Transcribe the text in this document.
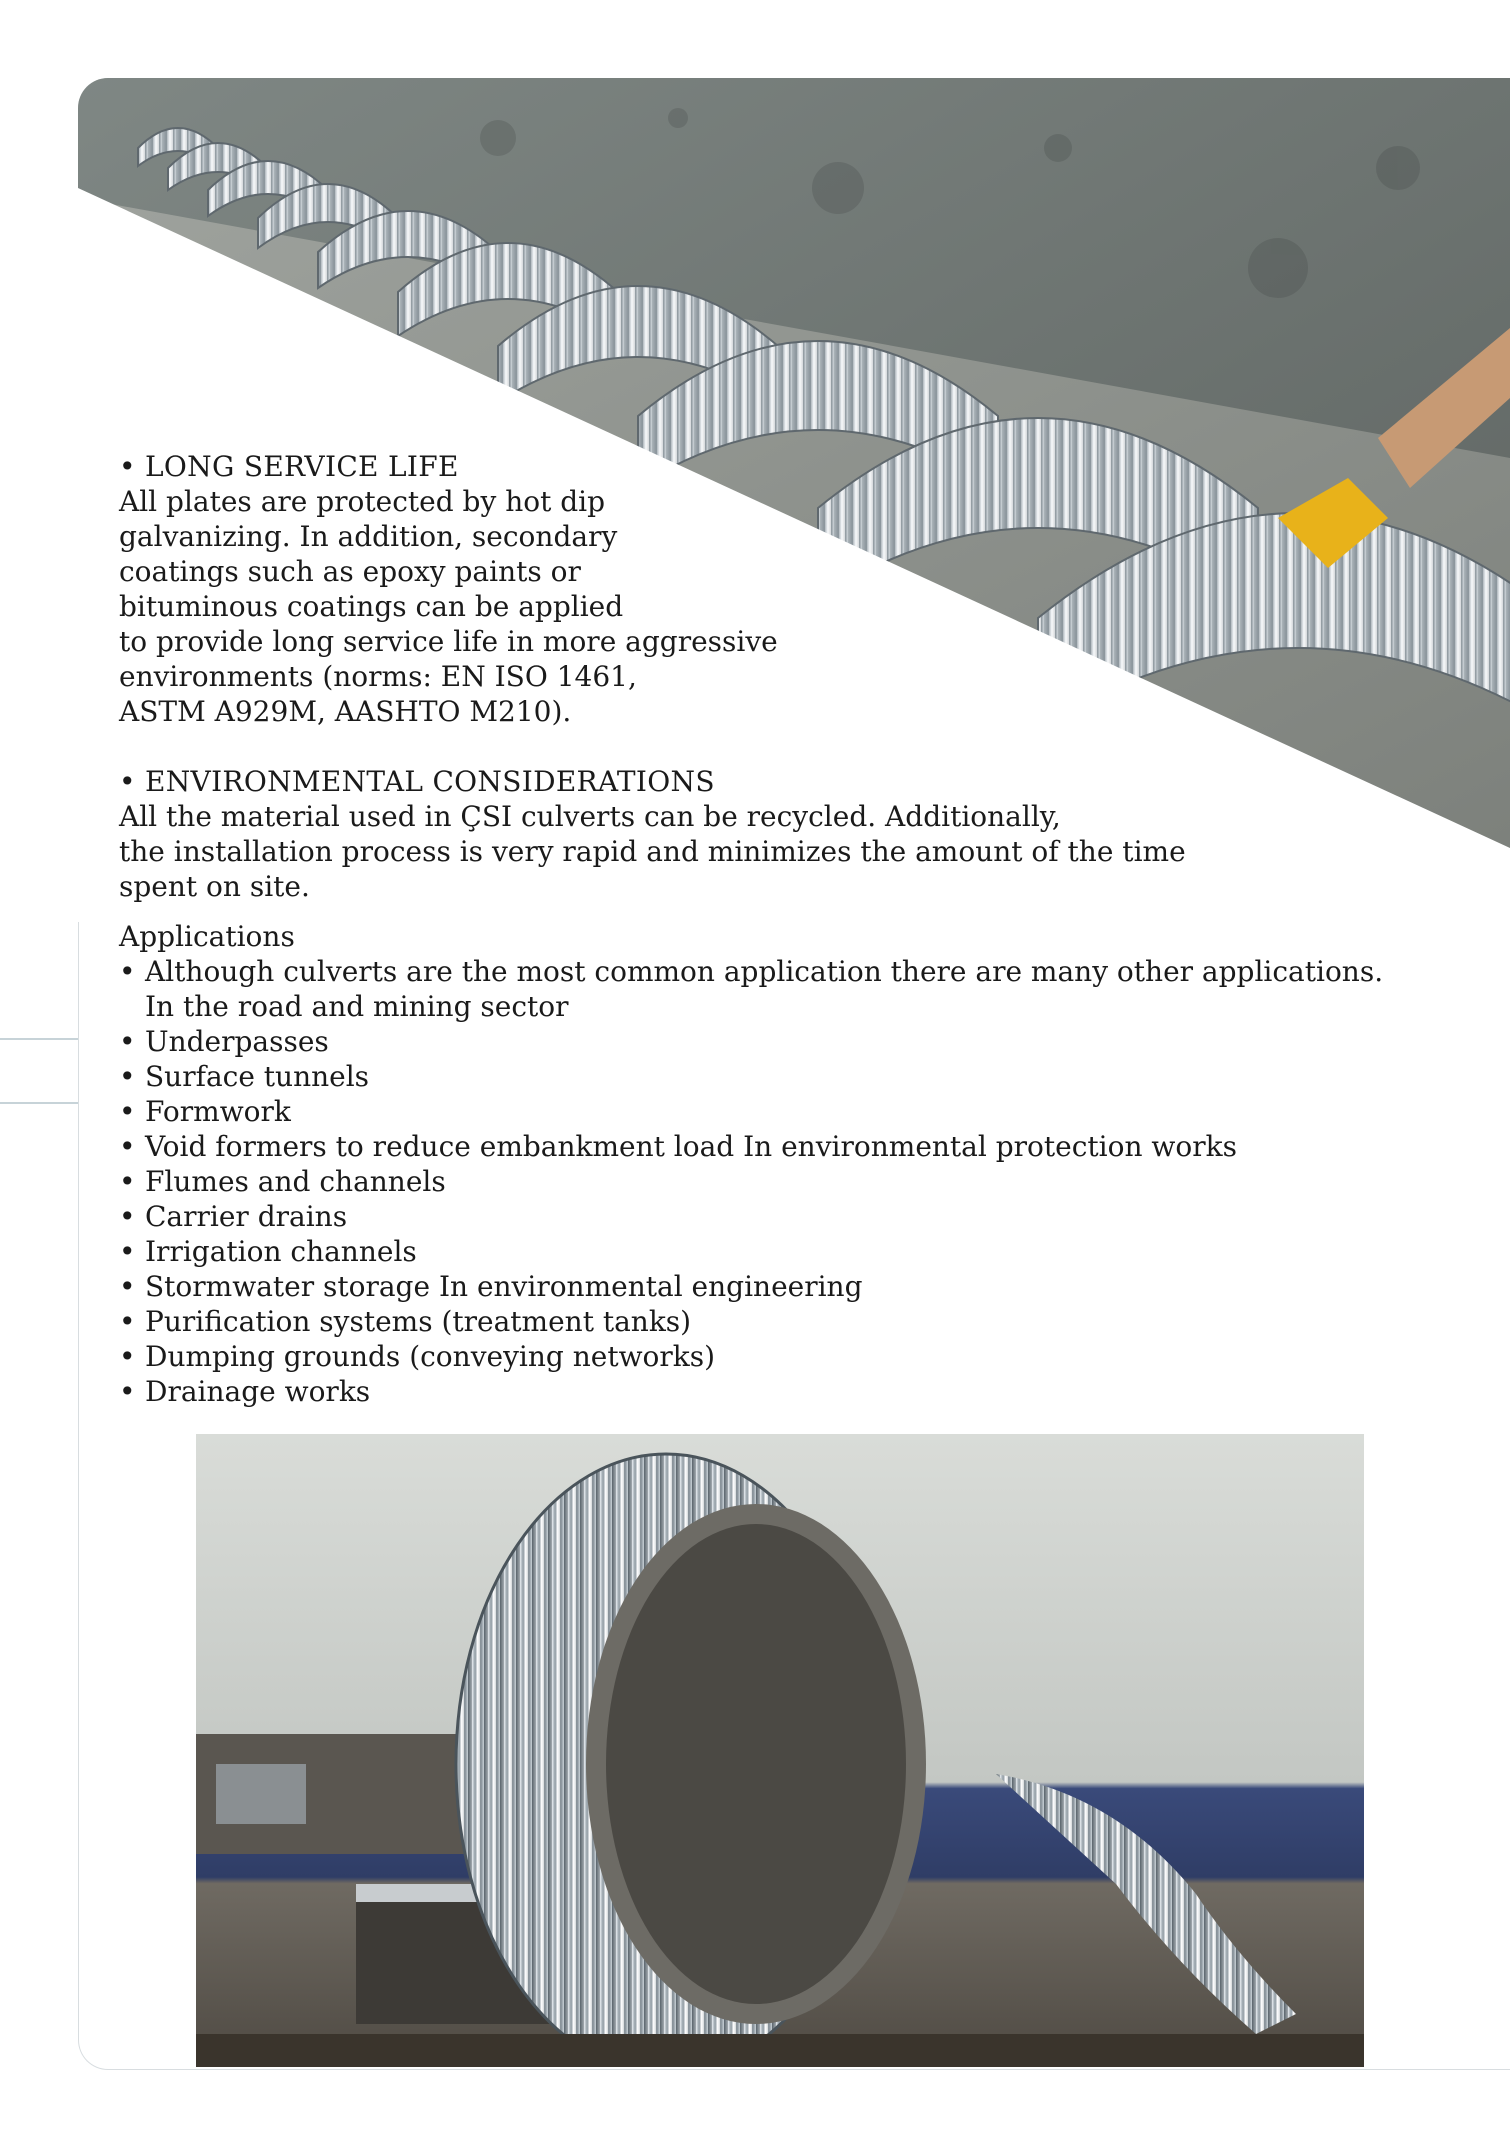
• LONG SERVICE LIFE

All plates are protected by hot dip
galvanizing. In addition, secondary
coatings such as epoxy paints or
bituminous coatings can be applied
to provide long service life in more aggressive
environments (norms: EN ISO 1461,
ASTM A929M, AASHTO M210).

• ENVIRONMENTAL CONSIDERATIONS

All the material used in ÇSI culverts can be recycled. Additionally,
the installation process is very rapid and minimizes the amount of the time
spent on site.

Applications
• Although culverts are the most common application there are many other applications.
In the road and mining sector
• Underpasses
• Surface tunnels
• Formwork
• Void formers to reduce embankment load In environmental protection works
• Flumes and channels
• Carrier drains
• Irrigation channels
• Stormwater storage In environmental engineering
• Purification systems (treatment tanks)
• Dumping grounds (conveying networks)
• Drainage works
